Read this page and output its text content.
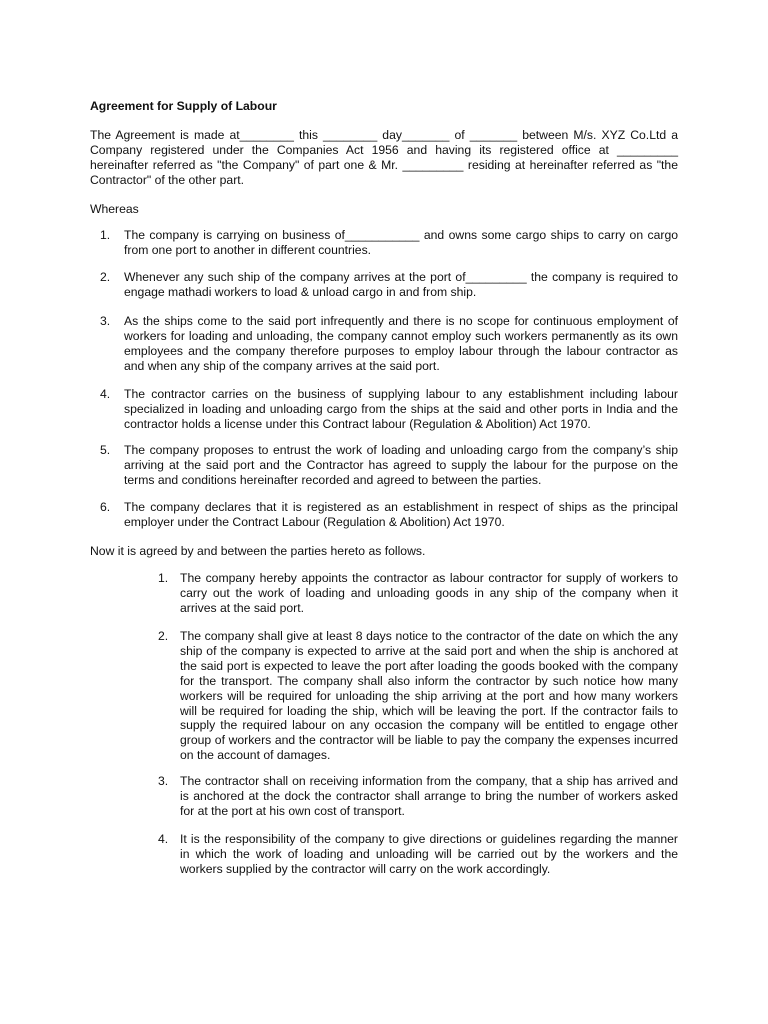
Agreement for Supply of Labour

The Agreement is made at________ this ________ day_______ of _______ between M/s. XYZ Co.Ltd a Company registered under the Companies Act 1956 and having its registered office at _________ hereinafter referred as "the Company" of part one & Mr. _________ residing at hereinafter referred as "the Contractor" of the other part.

Whereas

1.	The company is carrying on business of___________ and owns some cargo ships to carry on cargo from one port to another in different countries.
2.	Whenever any such ship of the company arrives at the port of_________ the company is required to engage mathadi workers to load & unload cargo in and from ship.
3.	As the ships come to the said port infrequently and there is no scope for continuous employment of workers for loading and unloading, the company cannot employ such workers permanently as its own employees and the company therefore purposes to employ labour through the labour contractor as and when any ship of the company arrives at the said port.
4.	The contractor carries on the business of supplying labour to any establishment including labour specialized in loading and unloading cargo from the ships at the said and other ports in India and the contractor holds a license under this Contract labour (Regulation & Abolition) Act 1970.
5.	The company proposes to entrust the work of loading and unloading cargo from the company’s ship arriving at the said port and the Contractor has agreed to supply the labour for the purpose on the terms and conditions hereinafter recorded and agreed to between the parties.
6.	The company declares that it is registered as an establishment in respect of ships as the principal employer under the Contract Labour (Regulation & Abolition) Act 1970.

Now it is agreed by and between the parties hereto as follows.

1. The company hereby appoints the contractor as labour contractor for supply of workers to carry out the work of loading and unloading goods in any ship of the company when it arrives at the said port.
2. The company shall give at least 8 days notice to the contractor of the date on which the any ship of the company is expected to arrive at the said port and when the ship is anchored at the said port is expected to leave the port after loading the goods booked with the company for the transport. The company shall also inform the contractor by such notice how many workers will be required for unloading the ship arriving at the port and how many workers will be required for loading the ship, which will be leaving the port. If the contractor fails to supply the required labour on any occasion the company will be entitled to engage other group of workers and the contractor will be liable to pay the company the expenses incurred on the account of damages.
3. The contractor shall on receiving information from the company, that a ship has arrived and is anchored at the dock the contractor shall arrange to bring the number of workers asked for at the port at his own cost of transport.
4. It is the responsibility of the company to give directions or guidelines regarding the manner in which the work of loading and unloading will be carried out by the workers and the workers supplied by the contractor will carry on the work accordingly.
